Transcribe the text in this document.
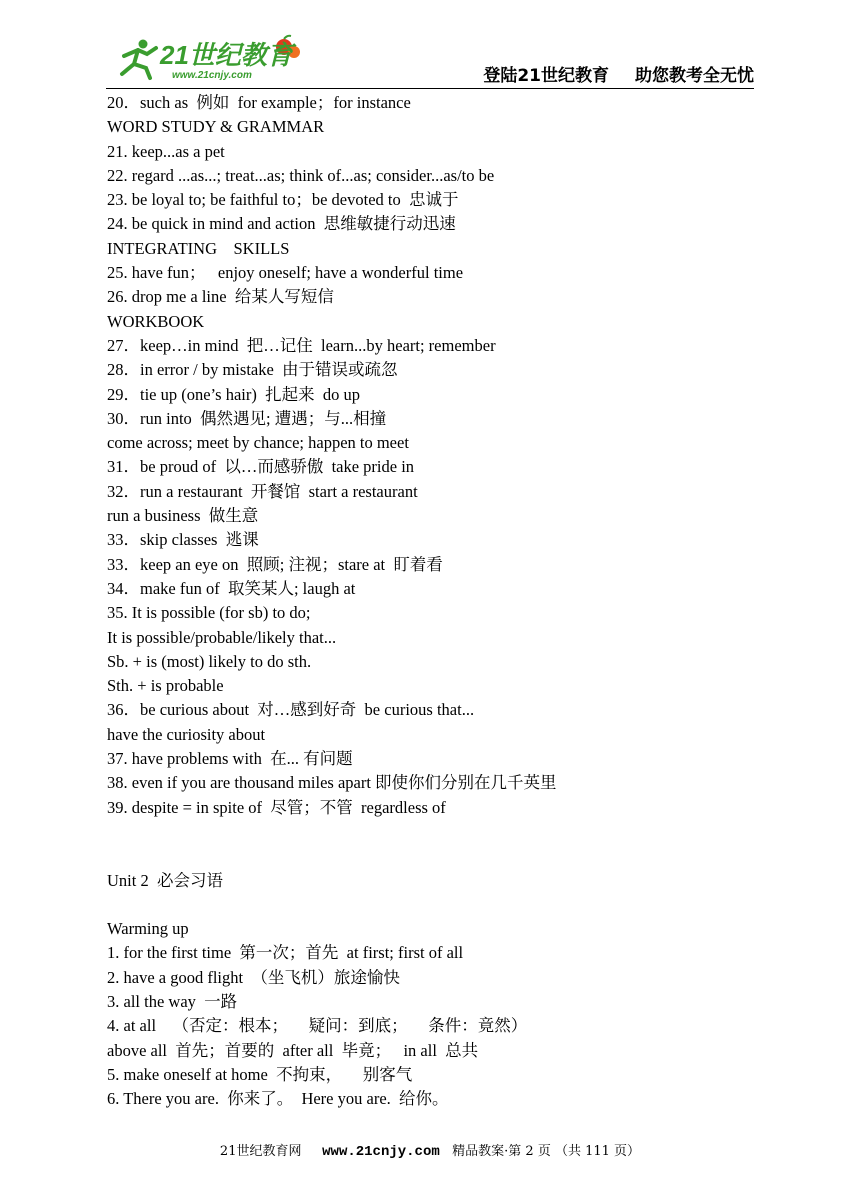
21世纪教育
www.21cnjy.com	登陆21世纪教育 助您教考全无忧
20．such as  例如  for example；for instance
WORD STUDY & GRAMMAR
21. keep...as a pet
22. regard ...as...; treat...as; think of...as; consider...as/to be
23. be loyal to; be faithful to；be devoted to  忠诚于
24. be quick in mind and action  思维敏捷行动迅速
INTEGRATING    SKILLS
25. have fun；   enjoy oneself; have a wonderful time
26. drop me a line  给某人写短信
WORKBOOK
27．keep…in mind  把…记住  learn...by heart; remember
28．in error / by mistake  由于错误或疏忽
29．tie up (one’s hair)  扎起来  do up
30．run into  偶然遇见; 遭遇；与...相撞
come across; meet by chance; happen to meet
31．be proud of  以…而感骄傲  take pride in
32．run a restaurant  开餐馆  start a restaurant
run a business  做生意
33．skip classes  逃课
33．keep an eye on  照顾; 注视；stare at  盯着看
34．make fun of  取笑某人; laugh at
35. It is possible (for sb) to do;
It is possible/probable/likely that...
Sb. + is (most) likely to do sth.
Sth. + is probable
36．be curious about  对…感到好奇  be curious that...
have the curiosity about
37. have problems with  在... 有问题
38. even if you are thousand miles apart 即使你们分别在几千英里
39. despite = in spite of  尽管；不管  regardless of
Unit 2  必会习语
Warming up
1. for the first time  第一次；首先  at first; first of all
2. have a good flight  （坐飞机）旅途愉快
3. all the way  一路
4. at all    （否定：根本；     疑问：到底；     条件：竟然）
above all  首先；首要的  after all  毕竟；   in all  总共
5. make oneself at home  不拘束，     别客气
6. There you are.  你来了。  Here you are.  给你。
21世纪教育网 www.21cnjy.com 精品教案·第 2 页 （共 111 页）
